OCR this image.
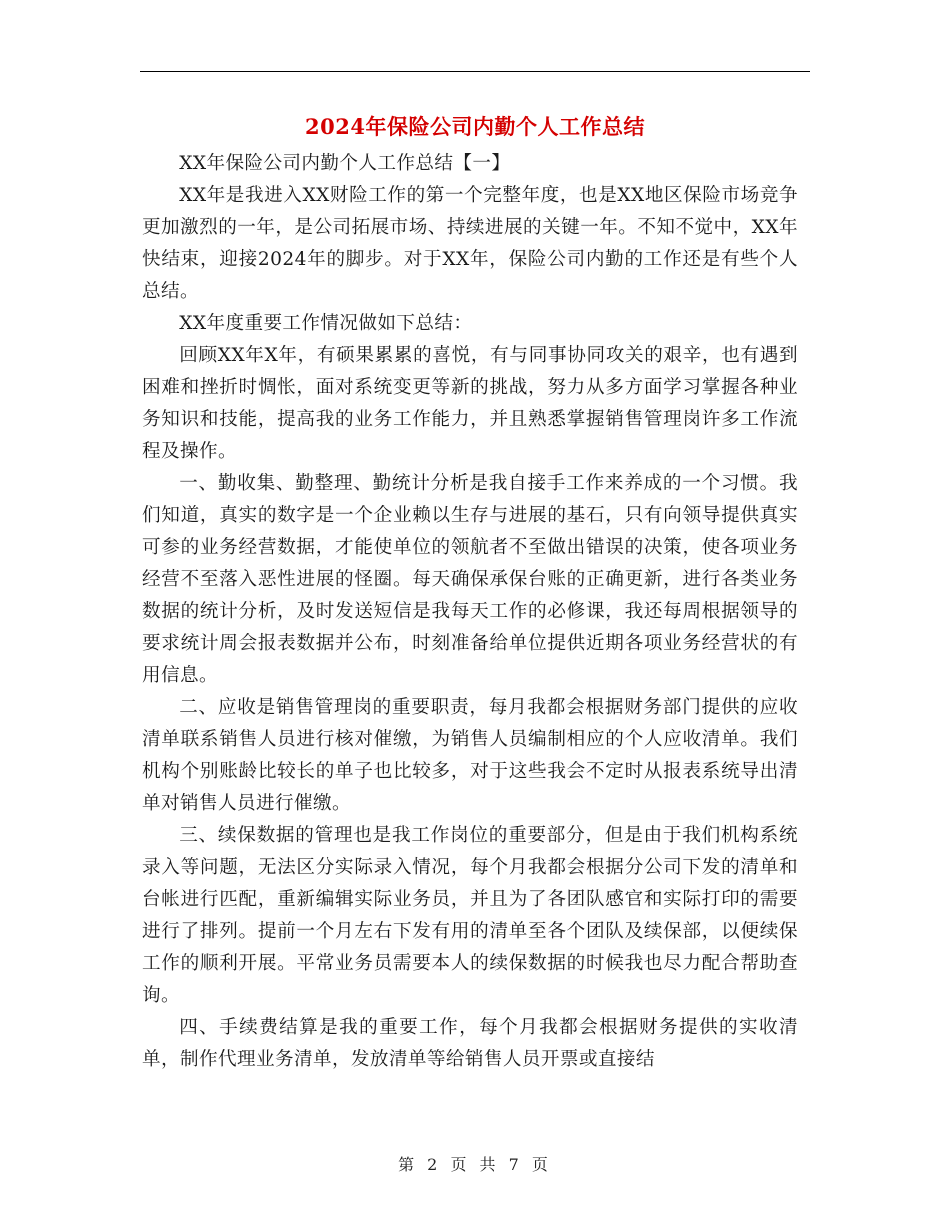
2024年保险公司内勤个人工作总结

XX年保险公司内勤个人工作总结【一】

XX年是我进入XX财险工作的第一个完整年度，也是XX地区保险市场竞争更加激烈的一年，是公司拓展市场、持续进展的关键一年。不知不觉中，XX年快结束，迎接2024年的脚步。对于XX年，保险公司内勤的工作还是有些个人总结。

XX年度重要工作情况做如下总结：

回顾XX年X年，有硕果累累的喜悦，有与同事协同攻关的艰辛，也有遇到困难和挫折时惆怅，面对系统变更等新的挑战，努力从多方面学习掌握各种业务知识和技能，提高我的业务工作能力，并且熟悉掌握销售管理岗许多工作流程及操作。

一、勤收集、勤整理、勤统计分析是我自接手工作来养成的一个习惯。我们知道，真实的数字是一个企业赖以生存与进展的基石，只有向领导提供真实可参的业务经营数据，才能使单位的领航者不至做出错误的决策，使各项业务经营不至落入恶性进展的怪圈。每天确保承保台账的正确更新，进行各类业务数据的统计分析，及时发送短信是我每天工作的必修课，我还每周根据领导的要求统计周会报表数据并公布，时刻准备给单位提供近期各项业务经营状的有用信息。

二、应收是销售管理岗的重要职责，每月我都会根据财务部门提供的应收清单联系销售人员进行核对催缴，为销售人员编制相应的个人应收清单。我们机构个别账龄比较长的单子也比较多，对于这些我会不定时从报表系统导出清单对销售人员进行催缴。

三、续保数据的管理也是我工作岗位的重要部分，但是由于我们机构系统录入等问题，无法区分实际录入情况，每个月我都会根据分公司下发的清单和台帐进行匹配，重新编辑实际业务员，并且为了各团队感官和实际打印的需要进行了排列。提前一个月左右下发有用的清单至各个团队及续保部，以便续保工作的顺利开展。平常业务员需要本人的续保数据的时候我也尽力配合帮助查询。

四、手续费结算是我的重要工作，每个月我都会根据财务提供的实收清单，制作代理业务清单，发放清单等给销售人员开票或直接结

第 2 页 共 7 页
